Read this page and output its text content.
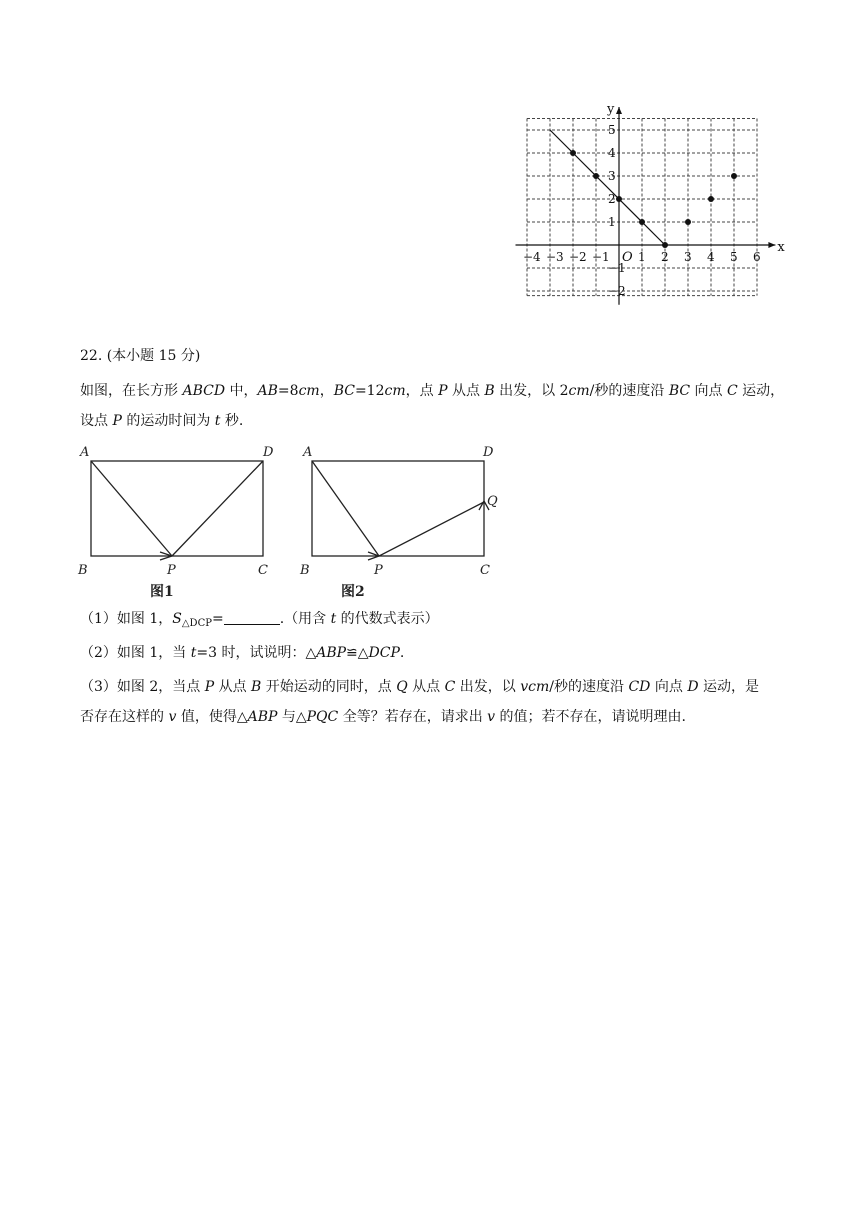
−4 −3 −2 −1 1 2 3 4 5 6
5
4
3
2
1
−1
−2
O
x
y

22. (本小题 15 分)

如图，在长方形 ABCD 中，AB=8cm，BC=12cm，点 P 从点 B 出发，以 2cm/秒的速度沿 BC 向点 C 运动，

设点 P 的运动时间为 t 秒.

A	D
B	P	C
图1
A	D
B	P	C
Q
图2
（1）如图 1，$S_{\triangle DCP}=$	.（用含 t 的代数式表示）
（2）如图 1，当 t=3 时，试说明：△ABP≌△DCP.
（3）如图 2，当点 P 从点 B 开始运动的同时，点 Q 从点 C 出发，以 vcm/秒的速度沿 CD 向点 D 运动，是
否存在这样的 v 值，使得△ABP 与△PQC 全等？若存在，请求出 v 的值；若不存在，请说明理由.
